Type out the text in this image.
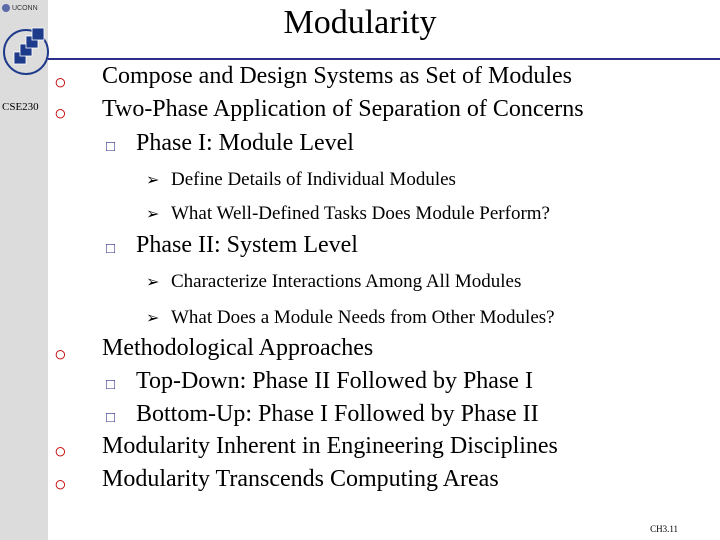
UCONN
CSE230
Modularity
○ Compose and Design Systems as Set of Modules
○ Two-Phase Application of Separation of Concerns
□ Phase I: Module Level
➢ Define Details of Individual Modules
➢ What Well-Defined Tasks Does Module Perform?
□ Phase II: System Level
➢ Characterize Interactions Among All Modules
➢ What Does a Module Needs from Other Modules?
○ Methodological Approaches
□ Top-Down: Phase II Followed by Phase I
□ Bottom-Up: Phase I Followed by Phase II
○ Modularity Inherent in Engineering Disciplines
○ Modularity Transcends Computing Areas
CH3.11
